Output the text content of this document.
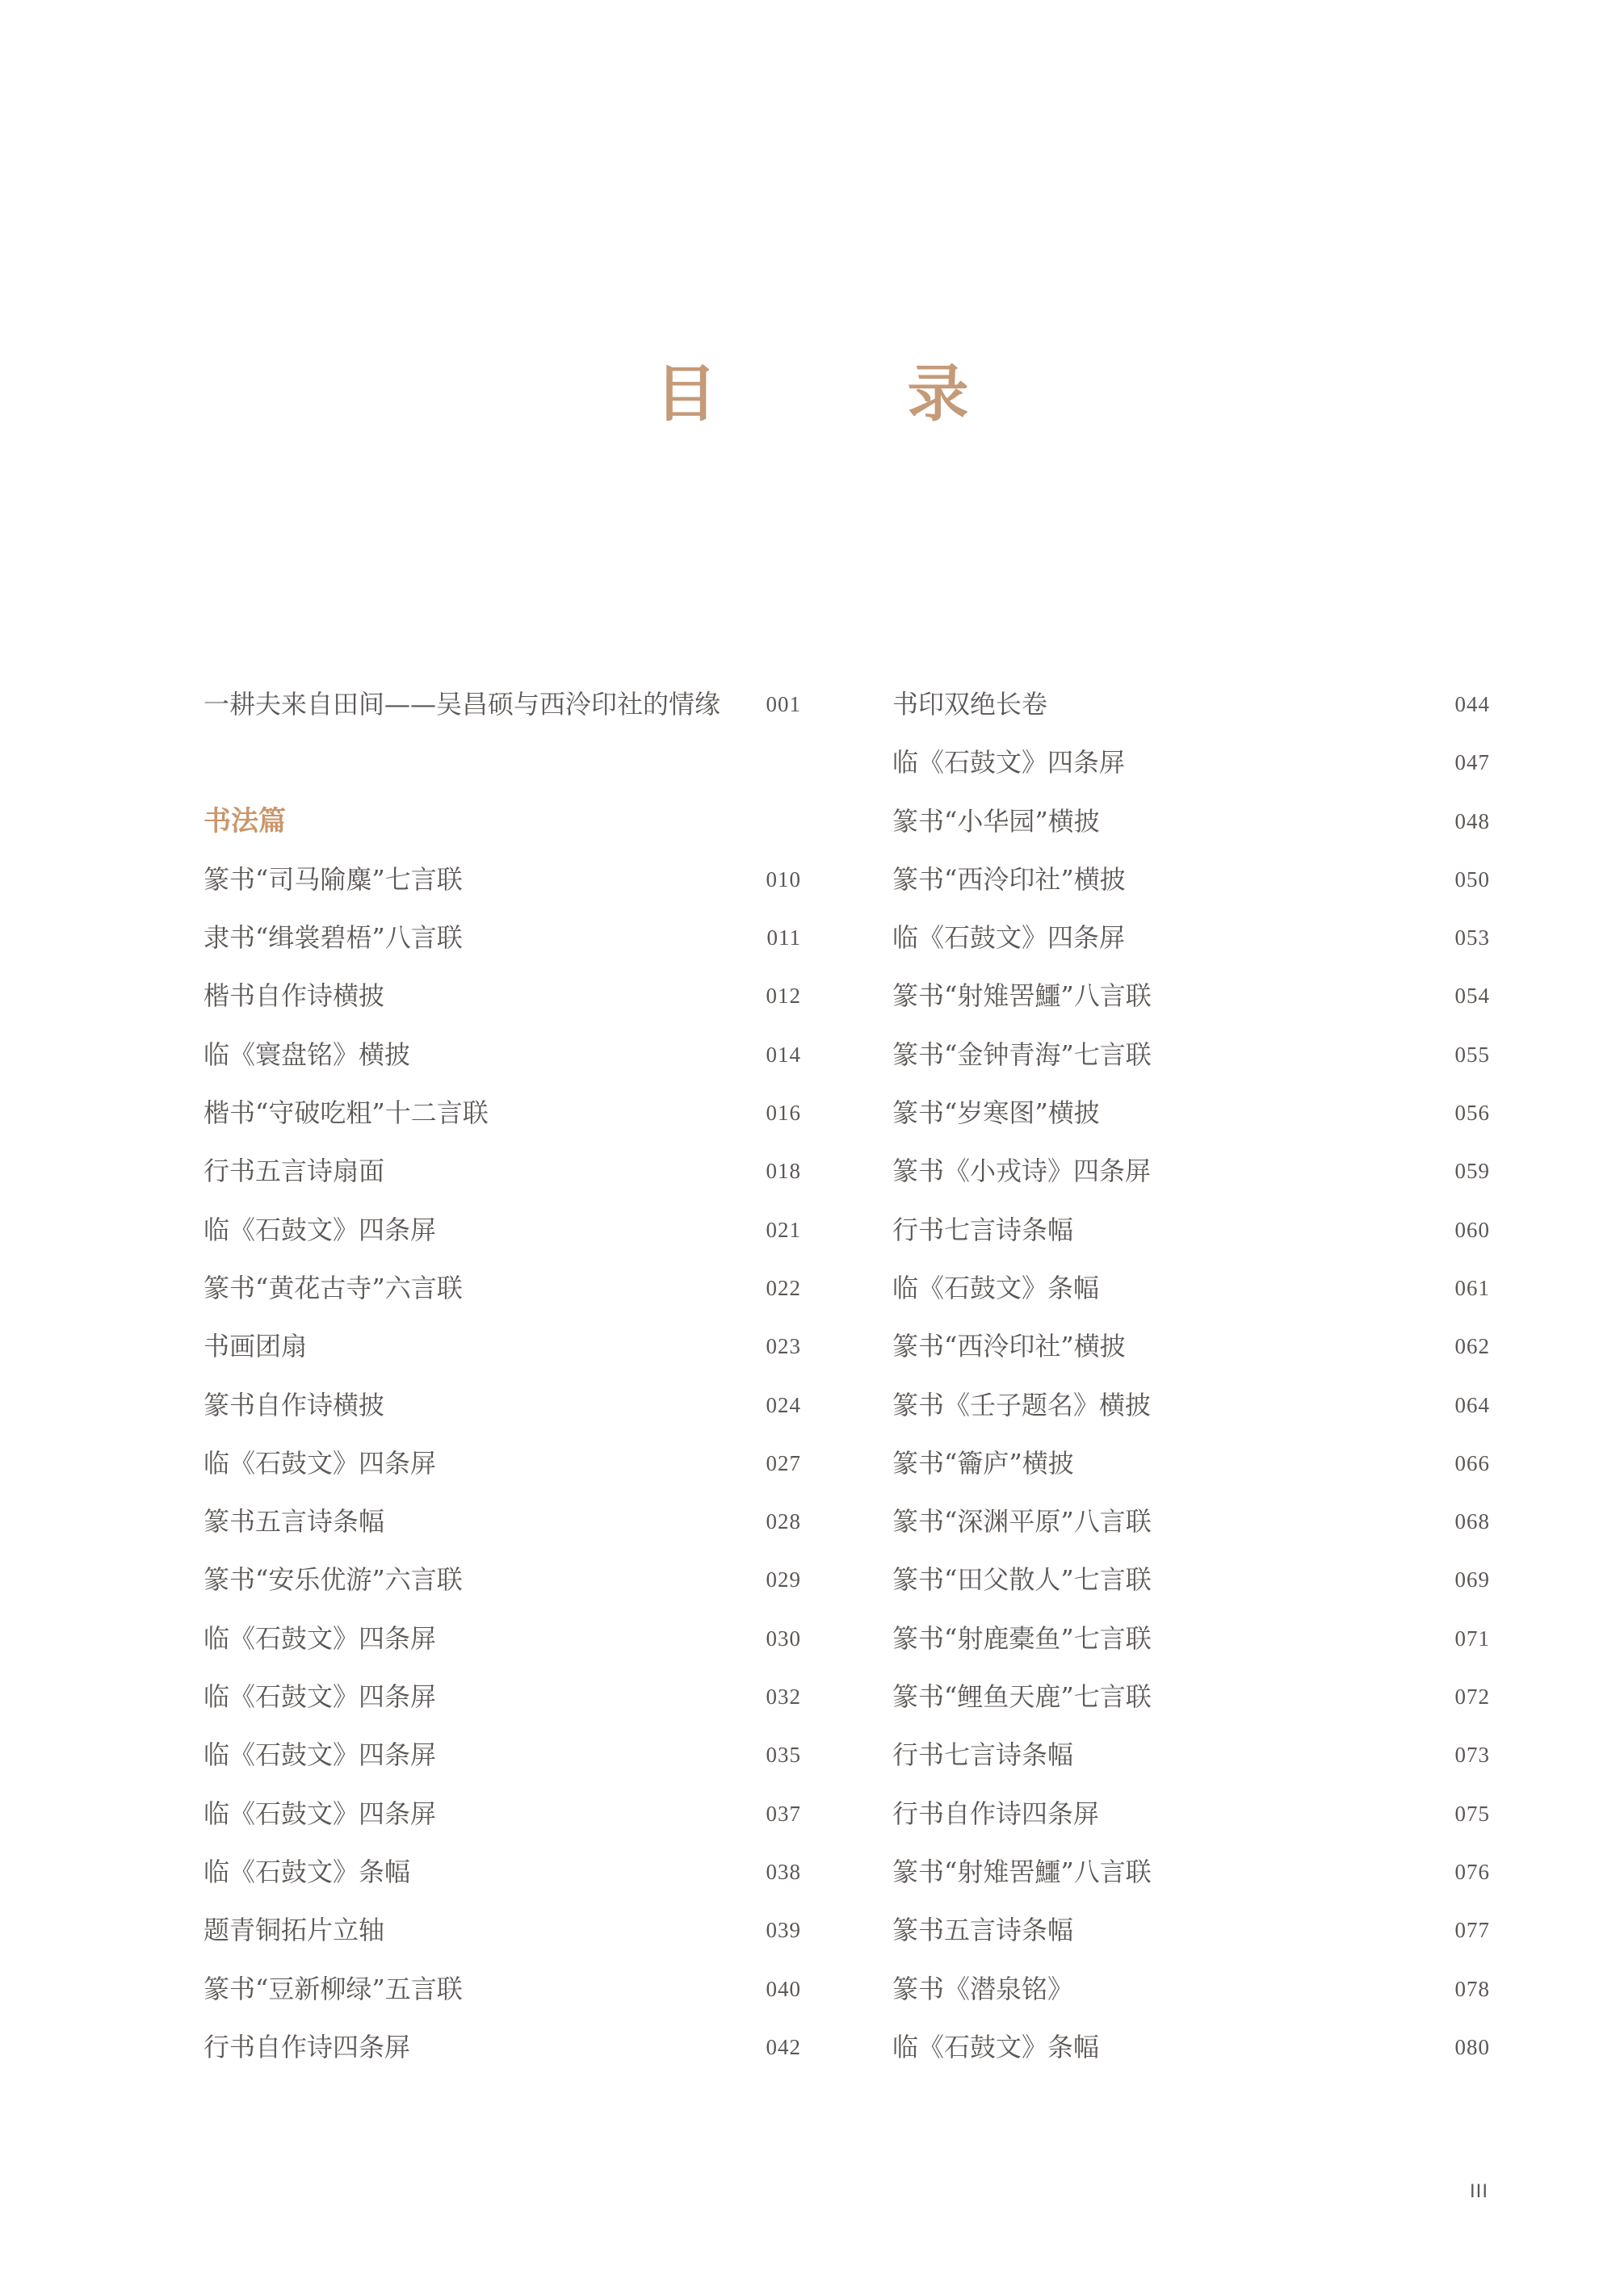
目　录
一耕夫来自田间——吴昌硕与西泠印社的情缘 001
书法篇
篆书“司马隃麋”七言联	010
隶书“缉裳碧梧”八言联	011
楷书自作诗横披	012
临《寰盘铭》横披	014
楷书“守破吃粗”十二言联	016
行书五言诗扇面	018
临《石鼓文》四条屏	021
篆书“黄花古寺”六言联	022
书画团扇	023
篆书自作诗横披	024
临《石鼓文》四条屏	027
篆书五言诗条幅	028
篆书“安乐优游”六言联	029
临《石鼓文》四条屏	030
临《石鼓文》四条屏	032
临《石鼓文》四条屏	035
临《石鼓文》四条屏	037
临《石鼓文》条幅	038
题青铜拓片立轴	039
篆书“豆新柳绿”五言联	040
行书自作诗四条屏	042
书印双绝长卷	044
临《石鼓文》四条屏	047
篆书“小华园”横披	048
篆书“西泠印社”横披	050
临《石鼓文》四条屏	053
篆书“射雉罟鱷”八言联	054
篆书“金钟青海”七言联	055
篆书“岁寒图”横披	056
篆书《小戎诗》四条屏	059
行书七言诗条幅	060
临《石鼓文》条幅	061
篆书“西泠印社”横披	062
篆书《壬子题名》横披	064
篆书“籥庐”横披	066
篆书“深渊平原”八言联	068
篆书“田父散人”七言联	069
篆书“射鹿橐鱼”七言联	071
篆书“鲤鱼天鹿”七言联	072
行书七言诗条幅	073
行书自作诗四条屏	075
篆书“射雉罟鱷”八言联	076
篆书五言诗条幅	077
篆书《潜泉铭》	078
临《石鼓文》条幅	080
III
